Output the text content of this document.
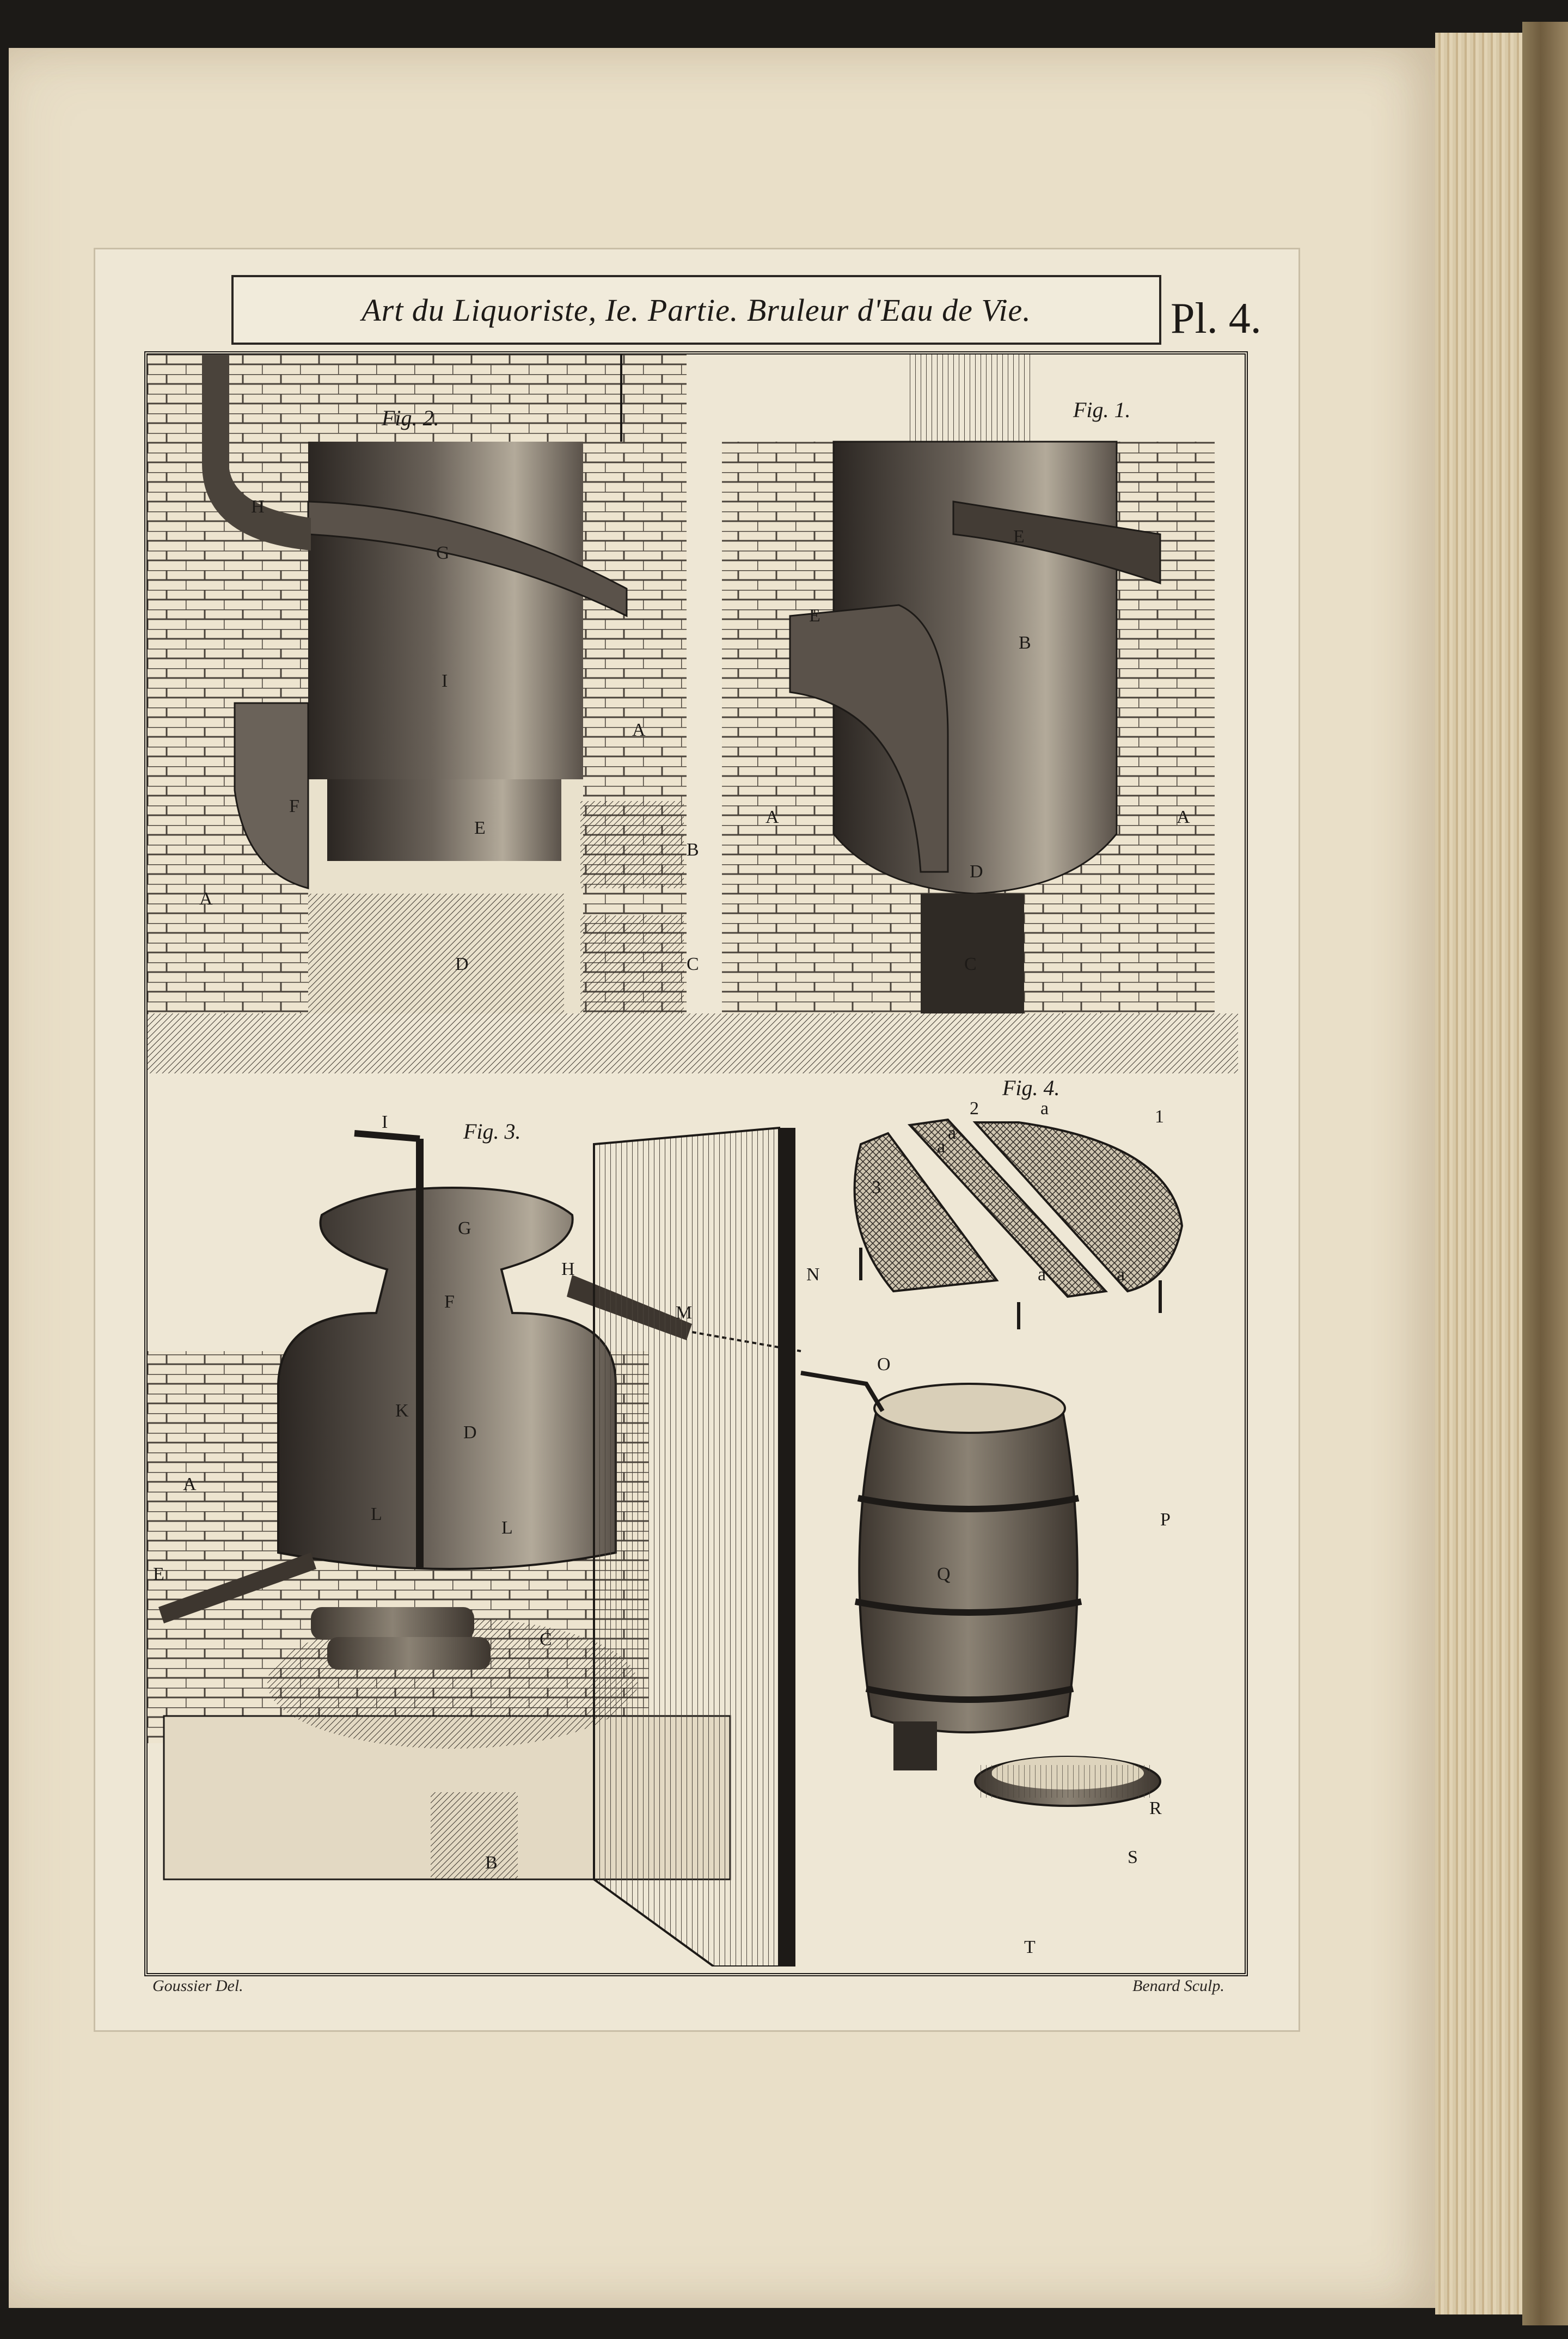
Art du Liquoriste, Ie. Partie. Bruleur d'Eau de Vie.	Pl. 4.
Fig. 2.
H
G
I
A
F
E
B
A
D	C
Fig. 1.
E
E
B
A	A
D
C
Fig. 3.
I
G
H
M
F
N
O
K
D
A
L
L
E
C
B
P
Q
R
S
T
Fig. 4.
2	a	1
a
3
a	a
a
Goussier Del.	Benard Sculp.
